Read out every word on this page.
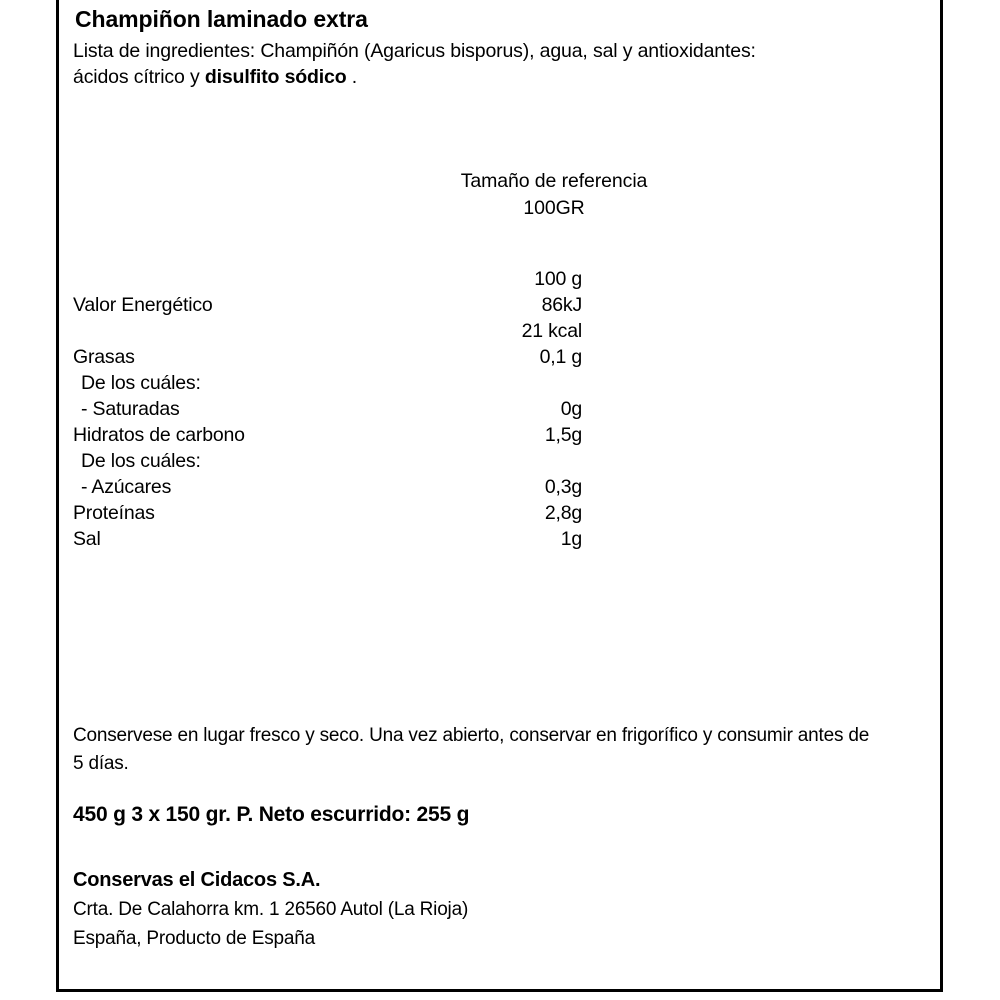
Champiñon laminado extra
Lista de ingredientes: Champiñón (Agaricus bisporus), agua, sal y antioxidantes: ácidos cítrico y disulfito sódico .
Tamaño de referencia
100GR
100 g
Valor Energético	86kJ
21 kcal
Grasas	0,1 g
De los cuáles:
- Saturadas	0g
Hidratos de carbono	1,5g
De los cuáles:
- Azúcares	0,3g
Proteínas	2,8g
Sal	1g
Conservese en lugar fresco y seco. Una vez abierto, conservar en frigorífico y consumir antes de 5 días.
450 g 3 x 150 gr. P. Neto escurrido: 255 g
Conservas el Cidacos S.A.
Crta. De Calahorra km. 1 26560 Autol (La Rioja)
España, Producto de España
